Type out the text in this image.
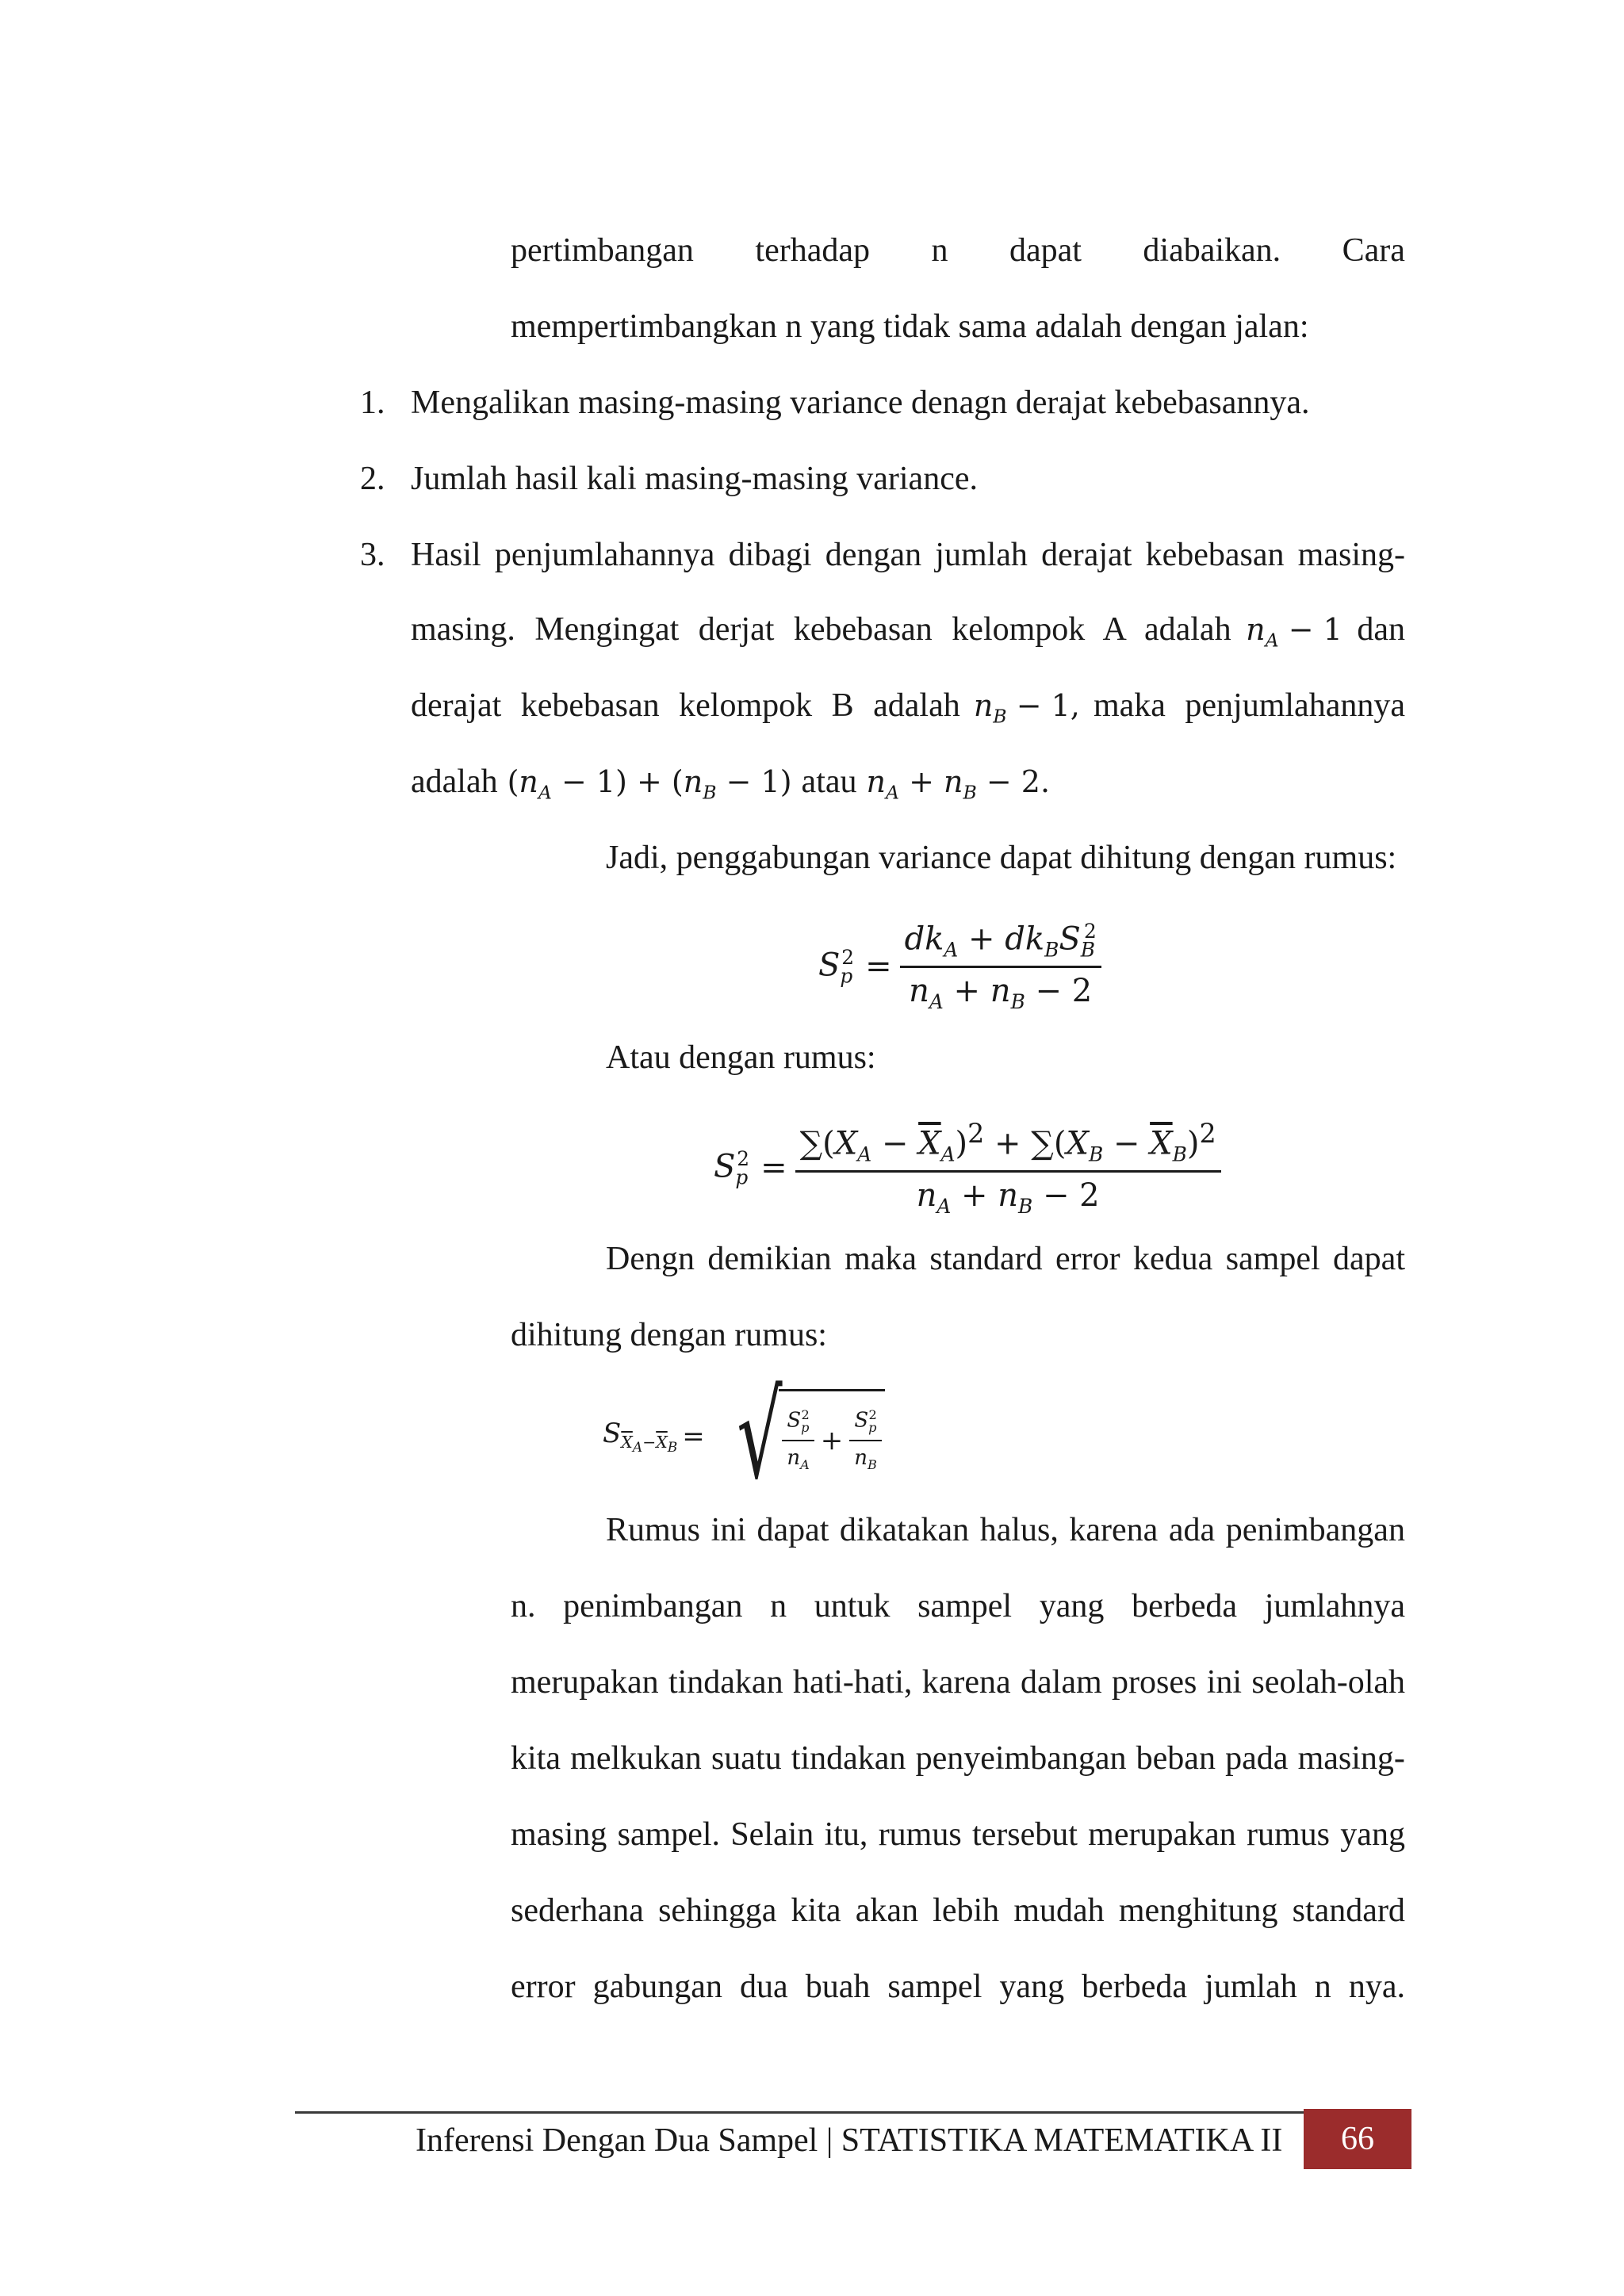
pertimbangan terhadap n dapat diabaikan. Cara
mempertimbangkan n yang tidak sama adalah dengan jalan:
1. Mengalikan masing-masing variance denagn derajat kebebasannya.
2. Jumlah hasil kali masing-masing variance.
3. Hasil penjumlahannya dibagi dengan jumlah derajat kebebasan masing-
masing. Mengingat derjat kebebasan kelompok A adalah $n_A - 1$ dan
derajat kebebasan kelompok B adalah $n_B - 1$, maka penjumlahannya
adalah $(n_A - 1) + (n_B - 1)$ atau $n_A + n_B - 2$.
Jadi, penggabungan variance dapat dihitung dengan rumus:
$S_p^2 = \frac{dk_A + dk_BS_B^2}{n_A + n_B - 2}$
Atau dengan rumus:
$S_p^2 = \frac{\sum(X_A - \overline{X}_A)^2 + \sum(X_B - \overline{X}_B)^2}{n_A + n_B - 2}$
Dengn demikian maka standard error kedua sampel dapat
dihitung dengan rumus:
$S_{\overline{X}_A-\overline{X}_B}$ = √ $\frac{S_p^2}{n_A} + \frac{S_p^2}{n_B}$
Rumus ini dapat dikatakan halus, karena ada penimbangan
n. penimbangan n untuk sampel yang berbeda jumlahnya
merupakan tindakan hati-hati, karena dalam proses ini seolah-olah
kita melkukan suatu tindakan penyeimbangan beban pada masing-
masing sampel. Selain itu, rumus tersebut merupakan rumus yang
sederhana sehingga kita akan lebih mudah menghitung standard
error gabungan dua buah sampel yang berbeda jumlah n nya.
Inferensi Dengan Dua Sampel | STATISTIKA MATEMATIKA II 66
